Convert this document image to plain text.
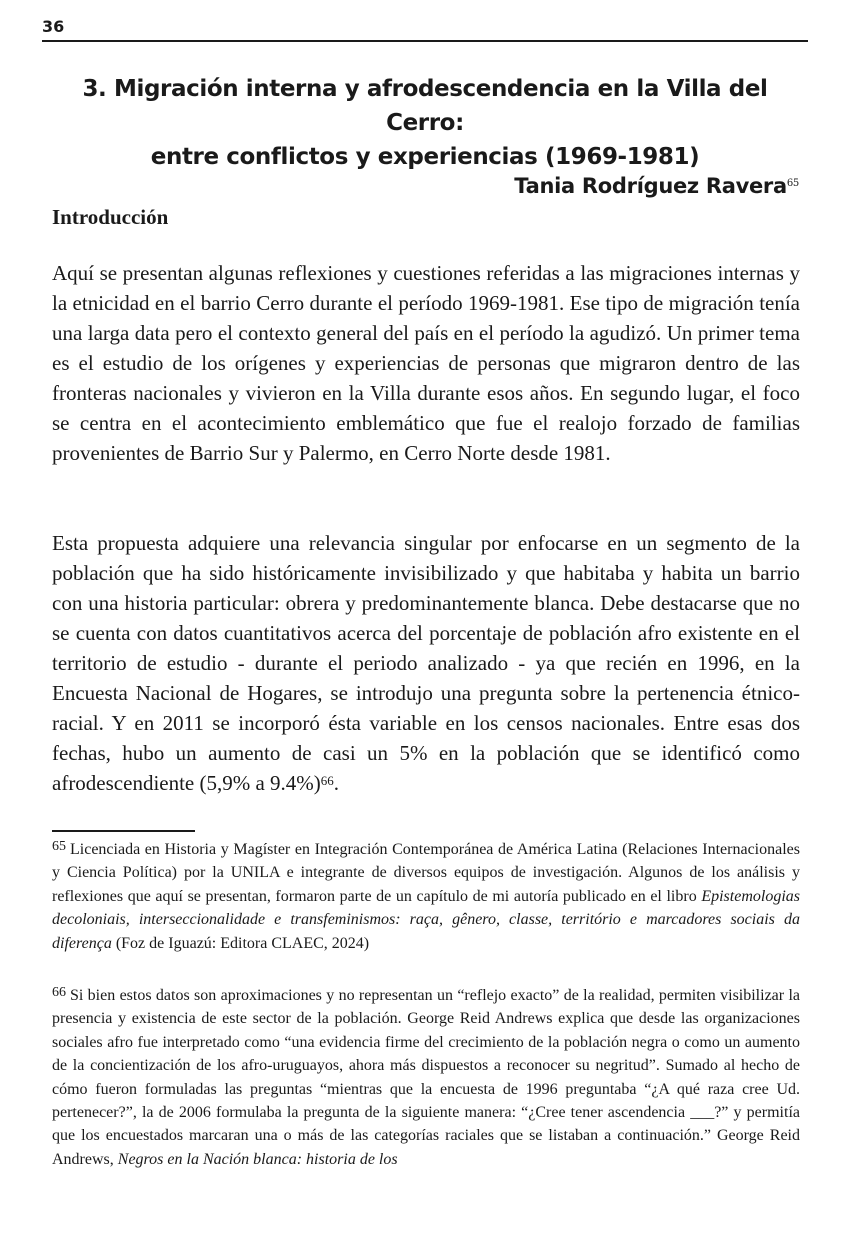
36
3. Migración interna y afrodescendencia en la Villa del Cerro:
entre conflictos y experiencias (1969-1981)
Tania Rodríguez Ravera$^{65}$
Introducción

Aquí se presentan algunas reflexiones y cuestiones referidas a las migraciones internas y la etnicidad en el barrio Cerro durante el período 1969-1981. Ese tipo de migración tenía una larga data pero el contexto general del país en el período la agudizó. Un primer tema es el estudio de los orígenes y experiencias de personas que migraron dentro de las fronteras nacionales y vivieron en la Villa durante esos años. En segundo lugar, el foco se centra en el acontecimiento emblemático que fue el realojo forzado de familias provenientes de Barrio Sur y Palermo, en Cerro Norte desde 1981.

Esta propuesta adquiere una relevancia singular por enfocarse en un segmento de la población que ha sido históricamente invisibilizado y que habitaba y habita un barrio con una historia particular: obrera y predominantemente blanca. Debe destacarse que no se cuenta con datos cuantitativos acerca del porcentaje de población afro existente en el territorio de estudio - durante el periodo analizado - ya que recién en 1996, en la Encuesta Nacional de Hogares, se introdujo una pregunta sobre la pertenencia étnico-racial. Y en 2011 se incorporó ésta variable en los censos nacionales. Entre esas dos fechas, hubo un aumento de casi un 5% en la población que se identificó como afrodescendiente (5,9% a 9.4%)$^{66}$.

$^{65}$ Licenciada en Historia y Magíster en Integración Contemporánea de América Latina (Relaciones Internacionales y Ciencia Política) por la UNILA e integrante de diversos equipos de investigación. Algunos de los análisis y reflexiones que aquí se presentan, formaron parte de un capítulo de mi autoría publicado en el libro Epistemologias decoloniais, interseccionalidade e transfeminismos: raça, gênero, classe, território e marcadores sociais da diferença (Foz de Iguazú: Editora CLAEC, 2024)

$^{66}$ Si bien estos datos son aproximaciones y no representan un “reflejo exacto” de la realidad, permiten visibilizar la presencia y existencia de este sector de la población. George Reid Andrews explica que desde las organizaciones sociales afro fue interpretado como “una evidencia firme del crecimiento de la población negra o como un aumento de la concientización de los afro-uruguayos, ahora más dispuestos a reconocer su negritud”. Sumado al hecho de cómo fueron formuladas las preguntas “mientras que la encuesta de 1996 preguntaba “¿A qué raza cree Ud. pertenecer?”, la de 2006 formulaba la pregunta de la siguiente manera: “¿Cree tener ascendencia ___?” y permitía que los encuestados marcaran una o más de las categorías raciales que se listaban a continuación.” George Reid Andrews, Negros en la Nación blanca: historia de los
